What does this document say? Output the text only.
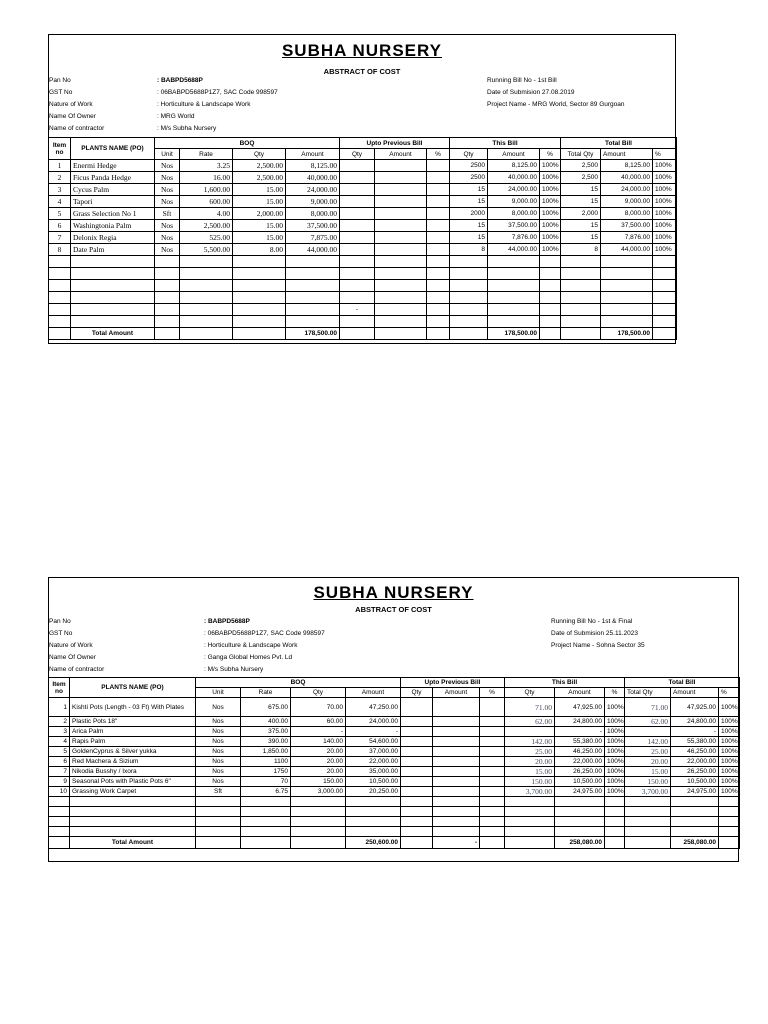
SUBHA NURSERY
ABSTRACT OF COST
Pan No	: BABPD5688P
GST No	: 06BABPD5688P1Z7, SAC Code 998597
Nature of Work	: Horticulture & Landscape Work
Name Of Owner	: MRG World
Name of contractor	: M/s Subha Nursery
Running Bill No - 1st Bill
Date of Submision 27.08.2019
Project Name - MRG World, Sector 89 Gurgoan
Item no	PLANTS NAME (PO)	BOQ				Upto Previous Bill			This Bill			Total Bill		
		Unit	Rate	Qty	Amount	Qty	Amount	%	Qty	Amount	%	Total Qty	Amount	%
1	Enermi Hedge	Nos	3.25	2,500.00	8,125.00				2500	8,125.00	100%	2,500	8,125.00	100%
2	Ficus Panda Hedge	Nos	16.00	2,500.00	40,000.00				2500	40,000.00	100%	2,500	40,000.00	100%
3	Cycus Palm	Nos	1,600.00	15.00	24,000.00				15	24,000.00	100%	15	24,000.00	100%
4	Tapori	Nos	600.00	15.00	9,000.00				15	9,000.00	100%	15	9,000.00	100%
5	Grass Selection No 1	Sft	4.00	2,000.00	8,000.00				2000	8,000.00	100%	2,000	8,000.00	100%
6	Washingtonia Palm	Nos	2,500.00	15.00	37,500.00				15	37,500.00	100%	15	37,500.00	100%
7	Delonix Regia	Nos	525.00	15.00	7,875.00				15	7,876.00	100%	15	7,876.00	100%
8	Date Palm	Nos	5,500.00	8.00	44,000.00				8	44,000.00	100%	8	44,000.00	100%

						-								

	Total Amount				178,500.00					178,500.00			178,500.00	
SUBHA NURSERY
ABSTRACT OF COST
Pan No	: BABPD5688P
GST No	: 06BABPD5688P1Z7, SAC Code 998597
Nature of Work	: Horticulture & Landscape Work
Name Of Owner	: Ganga Global Homes Pvt. Ld
Name of contractor	: M/s Subha Nursery
Running Bill No - 1st & Final
Date of Submision 25.11.2023
Project Name - Sohna Sector 35
Item no	PLANTS NAME (PO)	BOQ				Upto Previous Bill			This Bill			Total Bill		
		Unit	Rate	Qty	Amount	Qty	Amount	%	Qty	Amount	%	Total Qty	Amount	%
1	Kishti Pots (Length - 03 Ft) With Plates	Nos	675.00	70.00	47,250.00				71.00	47,925.00	100%	71.00	47,925.00	100%
2	Plastic Pots 18"	Nos	400.00	60.00	24,000.00				62.00	24,800.00	100%	62.00	24,800.00	100%
3	Arica Palm	Nos	375.00	-	-					-	100%		-	100%
4	Rapis Palm	Nos	390.00	140.00	54,600.00				142.00	55,380.00	100%	142.00	55,380.00	100%
5	GoldenCyprus & Silver yukka	Nos	1,850.00	20.00	37,000.00				25.00	46,250.00	100%	25.00	46,250.00	100%
6	Red Machera & Sizium	Nos	1100	20.00	22,000.00				20.00	22,000.00	100%	20.00	22,000.00	100%
7	Nikodia Busshy / Ixora	Nos	1750	20.00	35,000.00				15.00	26,250.00	100%	15.00	26,250.00	100%
9	Seasonal Pots with Plastic Pots 6"	Nos	70	150.00	10,500.00				150.00	10,500.00	100%	150.00	10,500.00	100%
10	Grassing Work Carpet	Sft	6.75	3,000.00	20,250.00				3,700.00	24,975.00	100%	3,700.00	24,975.00	100%

	Total Amount				250,600.00		-			258,080.00			258,080.00	
